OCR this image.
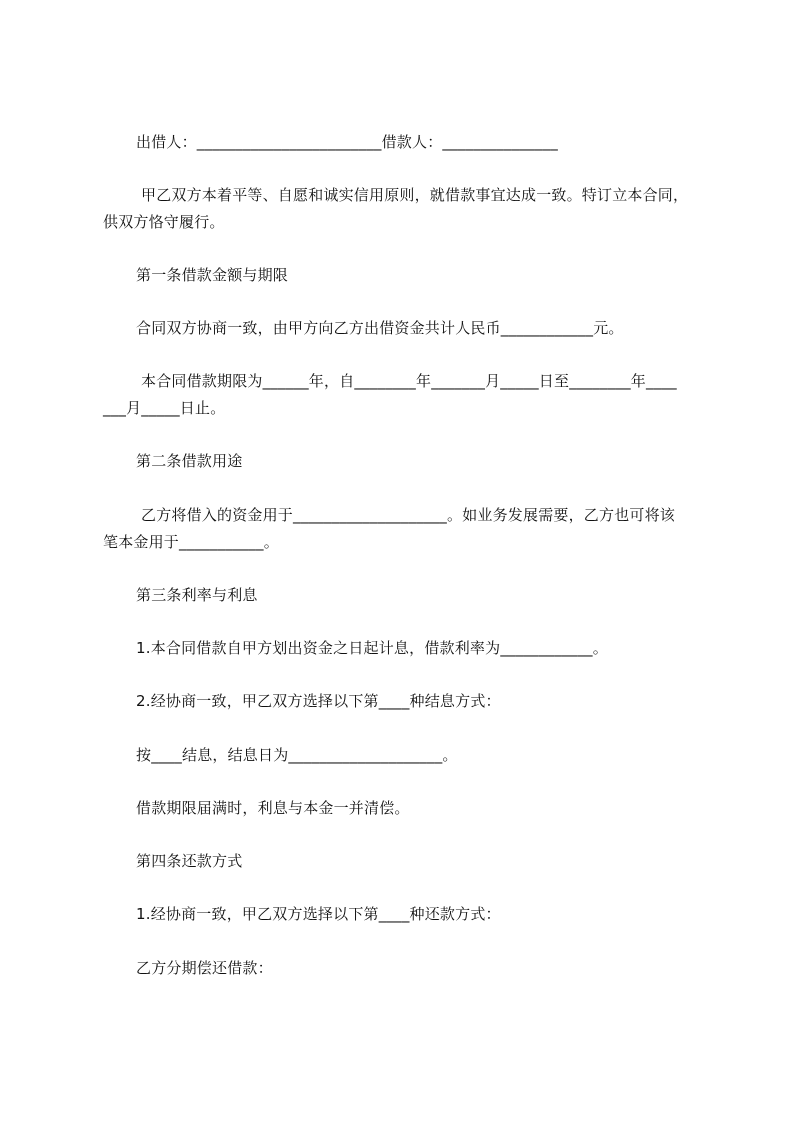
出借人：________________________借款人：_______________
甲乙双方本着平等、自愿和诚实信用原则，就借款事宜达成一致。特订立本合同，
供双方恪守履行。
第一条借款金额与期限
合同双方协商一致，由甲方向乙方出借资金共计人民币____________元。
本合同借款期限为______年，自________年_______月_____日至________年____
___月_____日止。
第二条借款用途
乙方将借入的资金用于____________________。如业务发展需要，乙方也可将该
笔本金用于___________。
第三条利率与利息
1.本合同借款自甲方划出资金之日起计息，借款利率为____________。
2.经协商一致，甲乙双方选择以下第____种结息方式：
按____结息，结息日为____________________。
借款期限届满时，利息与本金一并清偿。
第四条还款方式
1.经协商一致，甲乙双方选择以下第____种还款方式：
乙方分期偿还借款：
